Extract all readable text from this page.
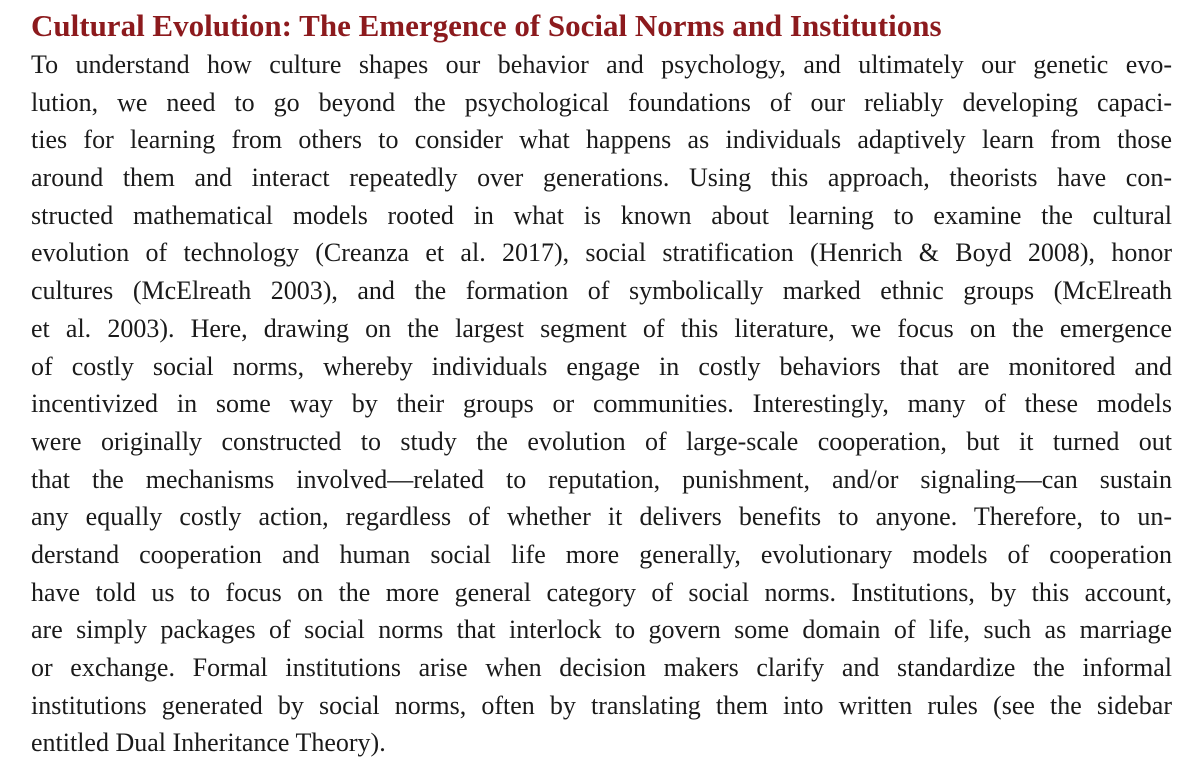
Cultural Evolution: The Emergence of Social Norms and Institutions

To understand how culture shapes our behavior and psychology, and ultimately our genetic evo-
lution, we need to go beyond the psychological foundations of our reliably developing capaci-
ties for learning from others to consider what happens as individuals adaptively learn from those
around them and interact repeatedly over generations. Using this approach, theorists have con-
structed mathematical models rooted in what is known about learning to examine the cultural
evolution of technology (Creanza et al. 2017), social stratification (Henrich & Boyd 2008), honor
cultures (McElreath 2003), and the formation of symbolically marked ethnic groups (McElreath
et al. 2003). Here, drawing on the largest segment of this literature, we focus on the emergence
of costly social norms, whereby individuals engage in costly behaviors that are monitored and
incentivized in some way by their groups or communities. Interestingly, many of these models
were originally constructed to study the evolution of large-scale cooperation, but it turned out
that the mechanisms involved—related to reputation, punishment, and/or signaling—can sustain
any equally costly action, regardless of whether it delivers benefits to anyone. Therefore, to un-
derstand cooperation and human social life more generally, evolutionary models of cooperation
have told us to focus on the more general category of social norms. Institutions, by this account,
are simply packages of social norms that interlock to govern some domain of life, such as marriage
or exchange. Formal institutions arise when decision makers clarify and standardize the informal
institutions generated by social norms, often by translating them into written rules (see the sidebar
entitled Dual Inheritance Theory).
